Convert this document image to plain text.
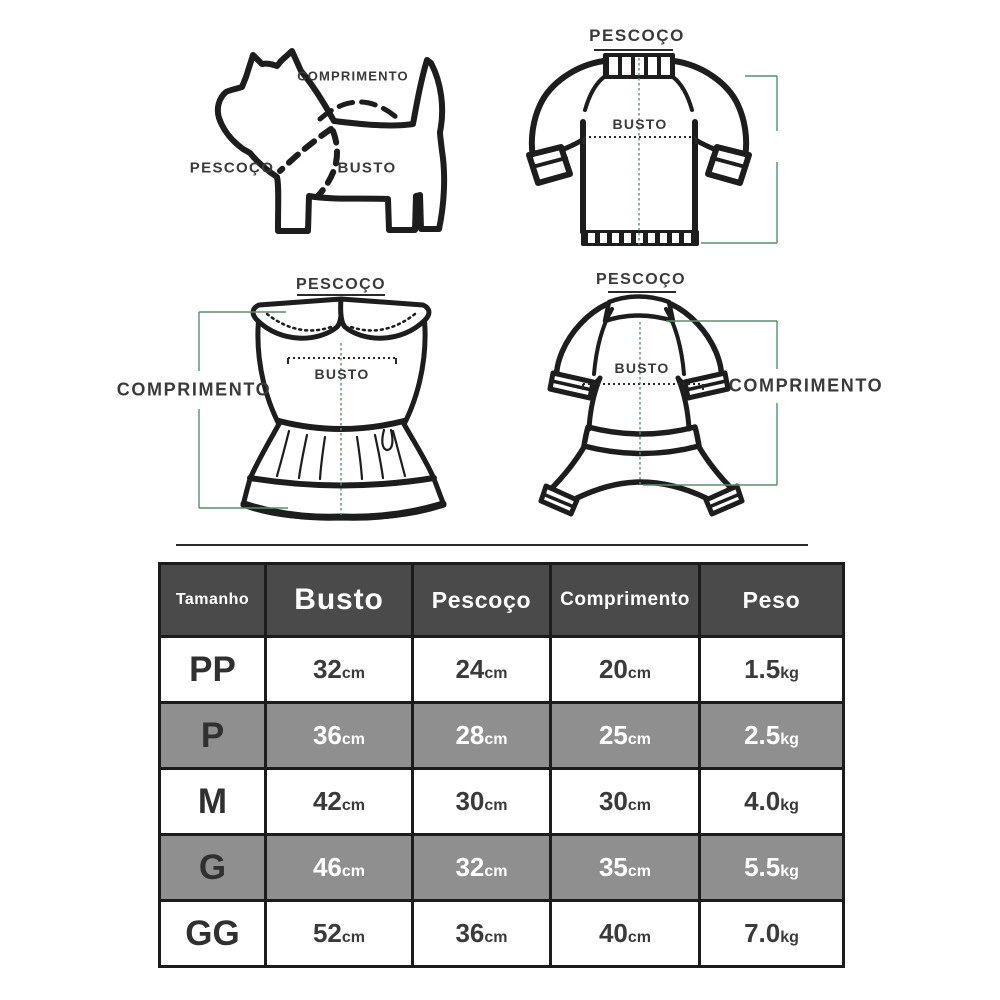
COMPRIMENTO
PESCOÇO	BUSTO
PESCOÇO
BUSTO
PESCOÇO
BUSTO
COMPRIMENTO
PESCOÇO
BUSTO
COMPRIMENTO
Tamanho	Busto	Pescoço	Comprimento	Peso
PP	32cm	24cm	20cm	1.5kg
P	36cm	28cm	25cm	2.5kg
M	42cm	30cm	30cm	4.0kg
G	46cm	32cm	35cm	5.5kg
GG	52cm	36cm	40cm	7.0kg
